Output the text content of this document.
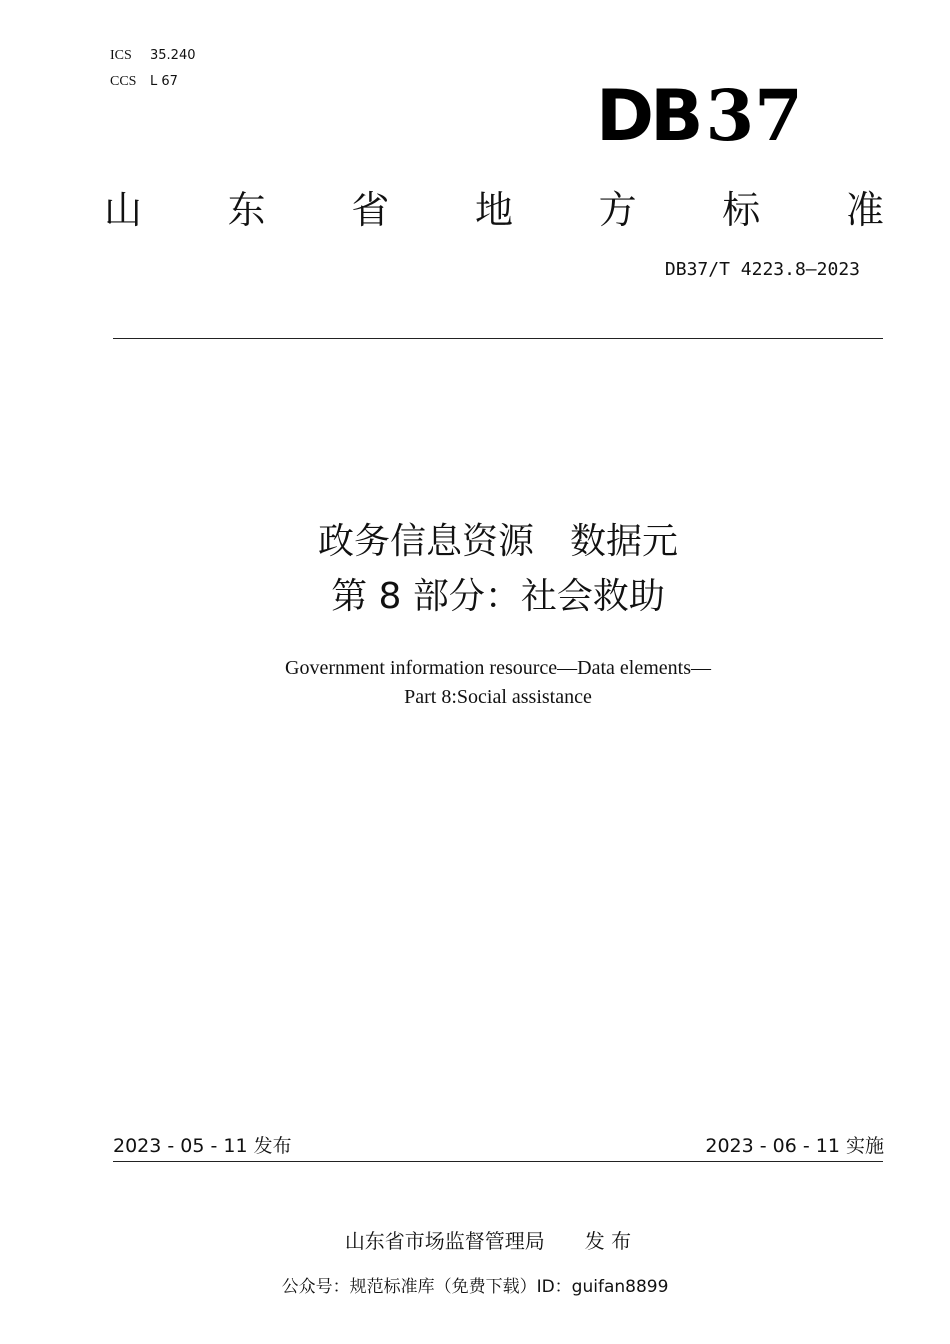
ICS 35.240
CCS L 67	DB37
山 东 省 地 方 标 准
DB37/T 4223.8—2023
政务信息资源　数据元
第 8 部分：社会救助
Government information resource—Data elements—
Part 8:Social assistance
2023 - 05 - 11 发布	2023 - 06 - 11 实施
山东省市场监督管理局　　发 布
公众号：规范标准库（免费下载）ID：guifan8899
